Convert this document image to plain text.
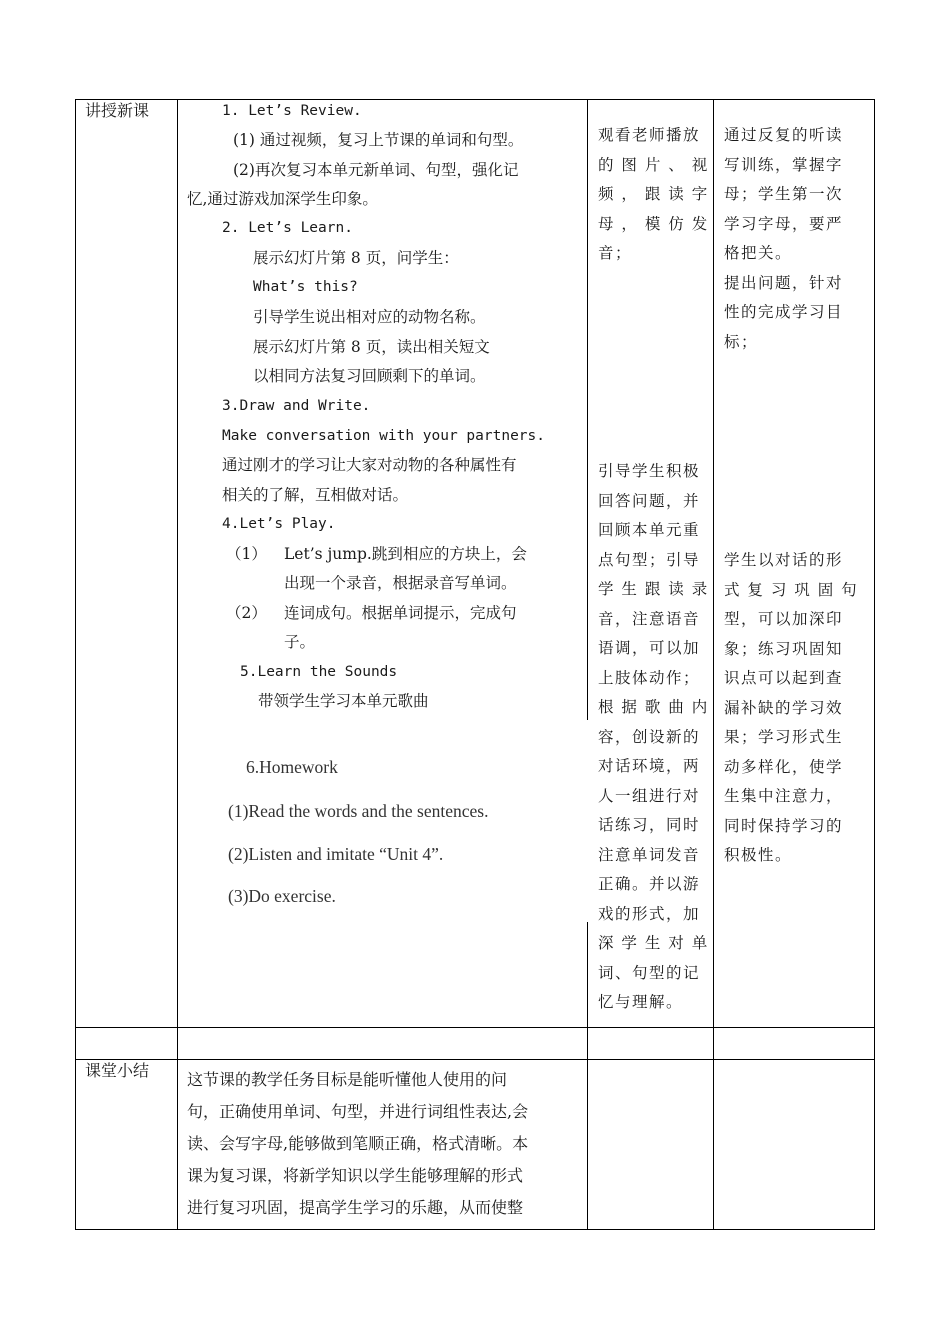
讲授新课
课堂小结
1. Let’s Review.
(1) 通过视频，复习上节课的单词和句型。
(2)再次复习本单元新单词、句型，强化记
忆,通过游戏加深学生印象。
2. Let’s Learn.
展示幻灯片第 8 页，问学生：
What’s this?
引导学生说出相对应的动物名称。
展示幻灯片第 8 页，读出相关短文
以相同方法复习回顾剩下的单词。
3.Draw and Write.
Make conversation with your partners.
通过刚才的学习让大家对动物的各种属性有
相关的了解，互相做对话。
4.Let’s Play.
（1） Let’s jump.跳到相应的方块上，会
出现一个录音，根据录音写单词。
（2） 连词成句。根据单词提示，完成句
子。
5.Learn the Sounds
带领学生学习本单元歌曲
6.Homework
(1)Read the words and the sentences.
(2)Listen and imitate “Unit 4”.
(3)Do exercise.
观看老师播放
的 图 片 、 视
频 ， 跟 读 字
母 ， 模 仿 发
音；
引导学生积极
回答问题，并
回顾本单元重
点句型；引导
学 生 跟 读 录
音，注意语音
语调，可以加
上肢体动作；
根 据 歌 曲 内
容，创设新的
对话环境，两
人一组进行对
话练习，同时
注意单词发音
正确。并以游
戏的形式，加
深 学 生 对 单
词、句型的记
忆与理解。
通过反复的听读
写训练，掌握字
母；学生第一次
学习字母，要严
格把关。
提出问题，针对
性的完成学习目
标；
学生以对话的形
式 复 习 巩 固 句
型，可以加深印
象；练习巩固知
识点可以起到查
漏补缺的学习效
果；学习形式生
动多样化，使学
生集中注意力，
同时保持学习的
积极性。
这节课的教学任务目标是能听懂他人使用的问
句，正确使用单词、句型，并进行词组性表达,会
读、会写字母,能够做到笔顺正确，格式清晰。本
课为复习课，将新学知识以学生能够理解的形式
进行复习巩固，提高学生学习的乐趣，从而使整
